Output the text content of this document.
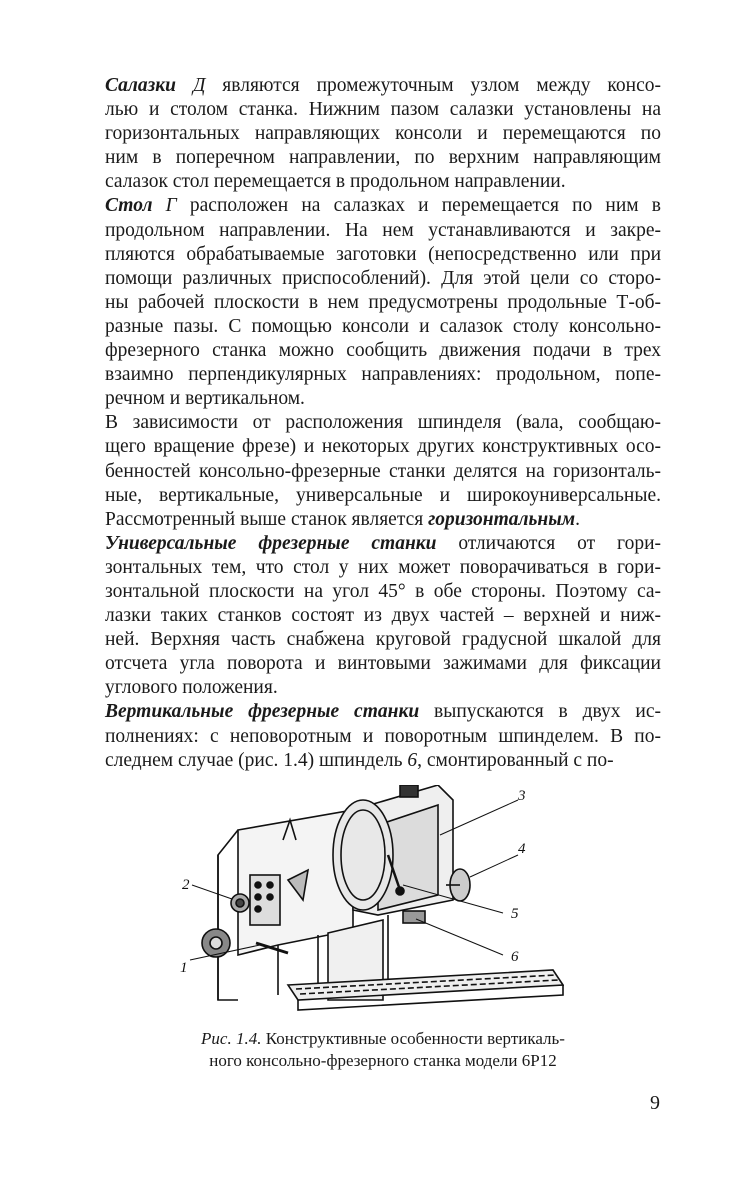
Салазки Д являются промежуточным узлом между консо-
лью и столом станка. Нижним пазом салазки установлены на
горизонтальных направляющих консоли и перемещаются по
ним в поперечном направлении, по верхним направляющим
салазок стол перемещается в продольном направлении.
Стол Г расположен на салазках и перемещается по ним в
продольном направлении. На нем устанавливаются и закре-
пляются обрабатываемые заготовки (непосредственно или при
помощи различных приспособлений). Для этой цели со сторо-
ны рабочей плоскости в нем предусмотрены продольные Т-об-
разные пазы. С помощью консоли и салазок столу консольно-
фрезерного станка можно сообщить движения подачи в трех
взаимно перпендикулярных направлениях: продольном, попе-
речном и вертикальном.
В зависимости от расположения шпинделя (вала, сообщаю-
щего вращение фрезе) и некоторых других конструктивных осо-
бенностей консольно-фрезерные станки делятся на горизонталь-
ные, вертикальные, универсальные и широкоуниверсальные.
Рассмотренный выше станок является горизонтальным.
Универсальные фрезерные станки отличаются от гори-
зонтальных тем, что стол у них может поворачиваться в гори-
зонтальной плоскости на угол 45° в обе стороны. Поэтому са-
лазки таких станков состоят из двух частей – верхней и ниж-
ней. Верхняя часть снабжена круговой градусной шкалой для
отсчета угла поворота и винтовыми зажимами для фиксации
углового положения.
Вертикальные фрезерные станки выпускаются в двух ис-
полнениях: с неповоротным и поворотным шпинделем. В по-
следнем случае (рис. 1.4) шпиндель 6, смонтированный с по-
1
2
3
4
5
6
Рис. 1.4. Конструктивные особенности вертикаль-
ного консольно-фрезерного станка модели 6Р12
9
